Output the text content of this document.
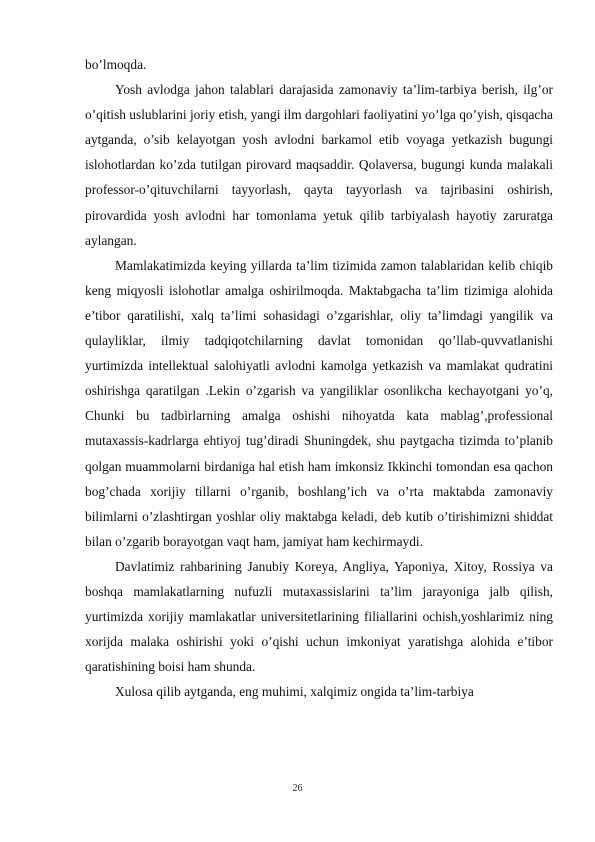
bo’lmoqda.

Yosh avlodga jahon talablari darajasida zamonaviy ta’lim-tarbiya berish, ilg’or o’qitish uslublarini joriy etish, yangi ilm dargohlari faoliyatini yo’lga qo’yish, qisqacha aytganda, o’sib kelayotgan yosh avlodni barkamol etib voyaga yetkazish bugungi islohotlardan ko’zda tutilgan pirovard maqsaddir. Qolaversa, bugungi kunda malakali professor-o’qituvchilarni tayyorlash, qayta tayyorlash va tajribasini oshirish, pirovardida yosh avlodni har tomonlama yetuk qilib tarbiyalash hayotiy zaruratga aylangan.

Mamlakatimizda keying yillarda ta’lim tizimida zamon talablaridan kelib chiqib keng miqyosli islohotlar amalga oshirilmoqda. Maktabgacha ta’lim tizimiga alohida e’tibor qaratilishi, xalq ta’limi sohasidagi o’zgarishlar, oliy ta’limdagi yangilik va qulayliklar, ilmiy tadqiqotchilarning davlat tomonidan qo’llab-quvvatlanishi yurtimizda intellektual salohiyatli avlodni kamolga yetkazish va mamlakat qudratini oshirishga qaratilgan .Lekin o’zgarish va yangiliklar osonlikcha kechayotgani yo’q, Chunki bu tadbirlarning amalga oshishi nihoyatda kata mablag’,professional mutaxassis-kadrlarga ehtiyoj tug’diradi Shuningdek, shu paytgacha tizimda to’planib qolgan muammolarni birdaniga hal etish ham imkonsiz Ikkinchi tomondan esa qachon bog’chada xorijiy tillarni o’rganib, boshlang’ich va o’rta maktabda zamonaviy bilimlarni o’zlashtirgan yoshlar oliy maktabga keladi, deb kutib o’tirishimizni shiddat bilan o’zgarib borayotgan vaqt ham, jamiyat ham kechirmaydi.

Davlatimiz rahbarining Janubiy Koreya, Angliya, Yaponiya, Xitoy, Rossiya va boshqa mamlakatlarning nufuzli mutaxassislarini ta’lim jarayoniga jalb qilish, yurtimizda xorijiy mamlakatlar universitetlarining filiallarini ochish,yoshlarimiz ning xorijda malaka oshirishi yoki o’qishi uchun imkoniyat yaratishga alohida e’tibor qaratishining boisi ham shunda.

Xulosa qilib aytganda, eng muhimi, xalqimiz ongida ta’lim-tarbiya

26
